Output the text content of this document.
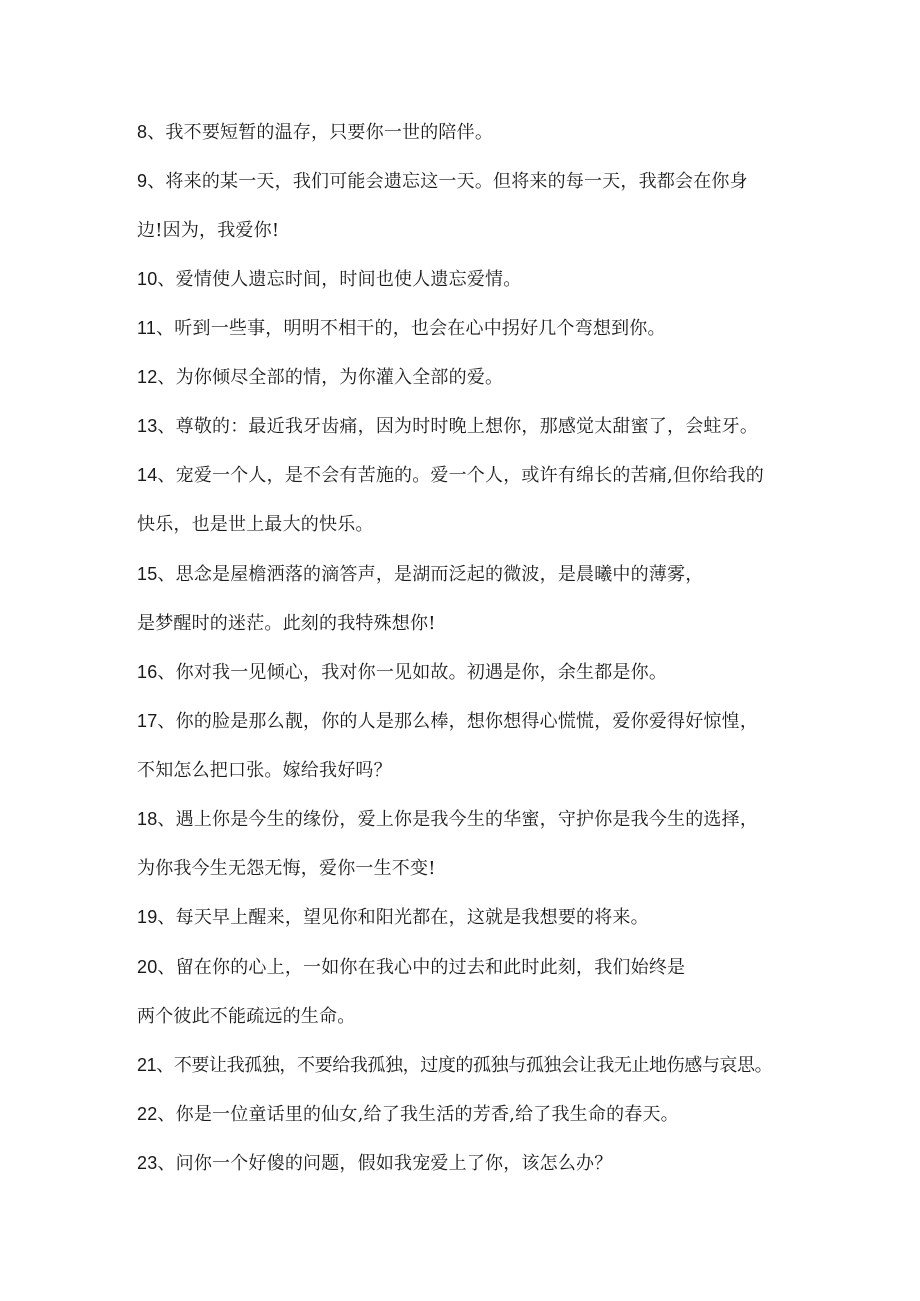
8、我不要短暂的温存，只要你一世的陪伴。
9、将来的某一天，我们可能会遗忘这一天。但将来的每一天，我都会在你身
边!因为，我爱你!
10、爱情使人遗忘时间，时间也使人遗忘爱情。
11、听到一些事，明明不相干的，也会在心中拐好几个弯想到你。
12、为你倾尽全部的情，为你灌入全部的爱。
13、尊敬的：最近我牙齿痛，因为时时晚上想你，那感觉太甜蜜了，会蛀牙。
14、宠爱一个人，是不会有苦施的。爱一个人，或许有绵长的苦痛,但你给我的
快乐，也是世上最大的快乐。
15、思念是屋檐洒落的滴答声，是湖而泛起的微波，是晨曦中的薄雾，
是梦醒时的迷茫。此刻的我特殊想你!
16、你对我一见倾心，我对你一见如故。初遇是你，余生都是你。
17、你的脸是那么靓，你的人是那么棒，想你想得心慌慌，爱你爱得好惊惶，
不知怎么把口张。嫁给我好吗？
18、遇上你是今生的缘份，爱上你是我今生的华蜜，守护你是我今生的选择，
为你我今生无怨无悔，爱你一生不变!
19、每天早上醒来，望见你和阳光都在，这就是我想要的将来。
20、留在你的心上，一如你在我心中的过去和此时此刻，我们始终是
两个彼此不能疏远的生命。
21、不要让我孤独，不要给我孤独，过度的孤独与孤独会让我无止地伤感与哀思。
22、你是一位童话里的仙女,给了我生活的芳香,给了我生命的春天。
23、问你一个好傻的问题，假如我宠爱上了你，该怎么办？
